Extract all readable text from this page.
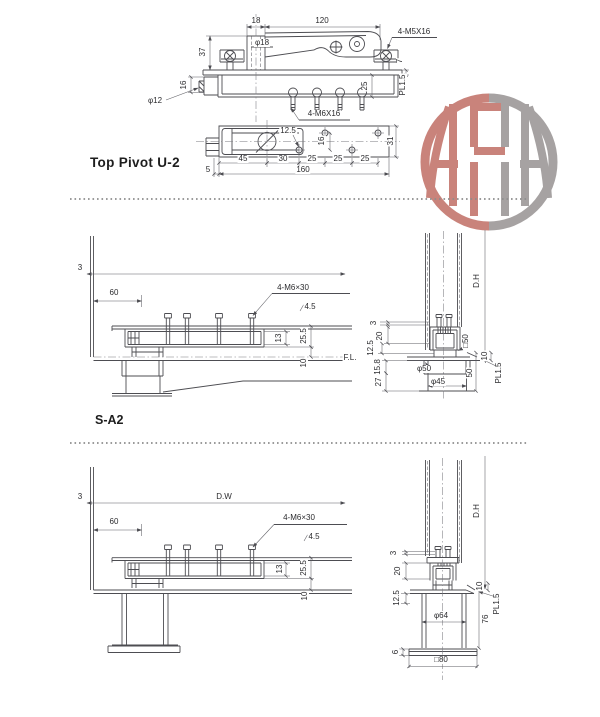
Top Pivot U-2
S-A2
18	120
37
φ18
4-M5X16
16	25
7
PL1.5
φ12
4-M6X16
12.5
16	31
45	30	25 25 25
160
5
3
60
4-M6×30
4.5
13 25.5
10
F.L.
D.H
3
20
12.5
15.8
27
□50
10
φ50
φ45
50	PL1.5
3	D.W
60	4-M6×30
4.5
13 25.5
10
D.H
3
20
12.5
10
φ64	76
PL1.5
6
□80
